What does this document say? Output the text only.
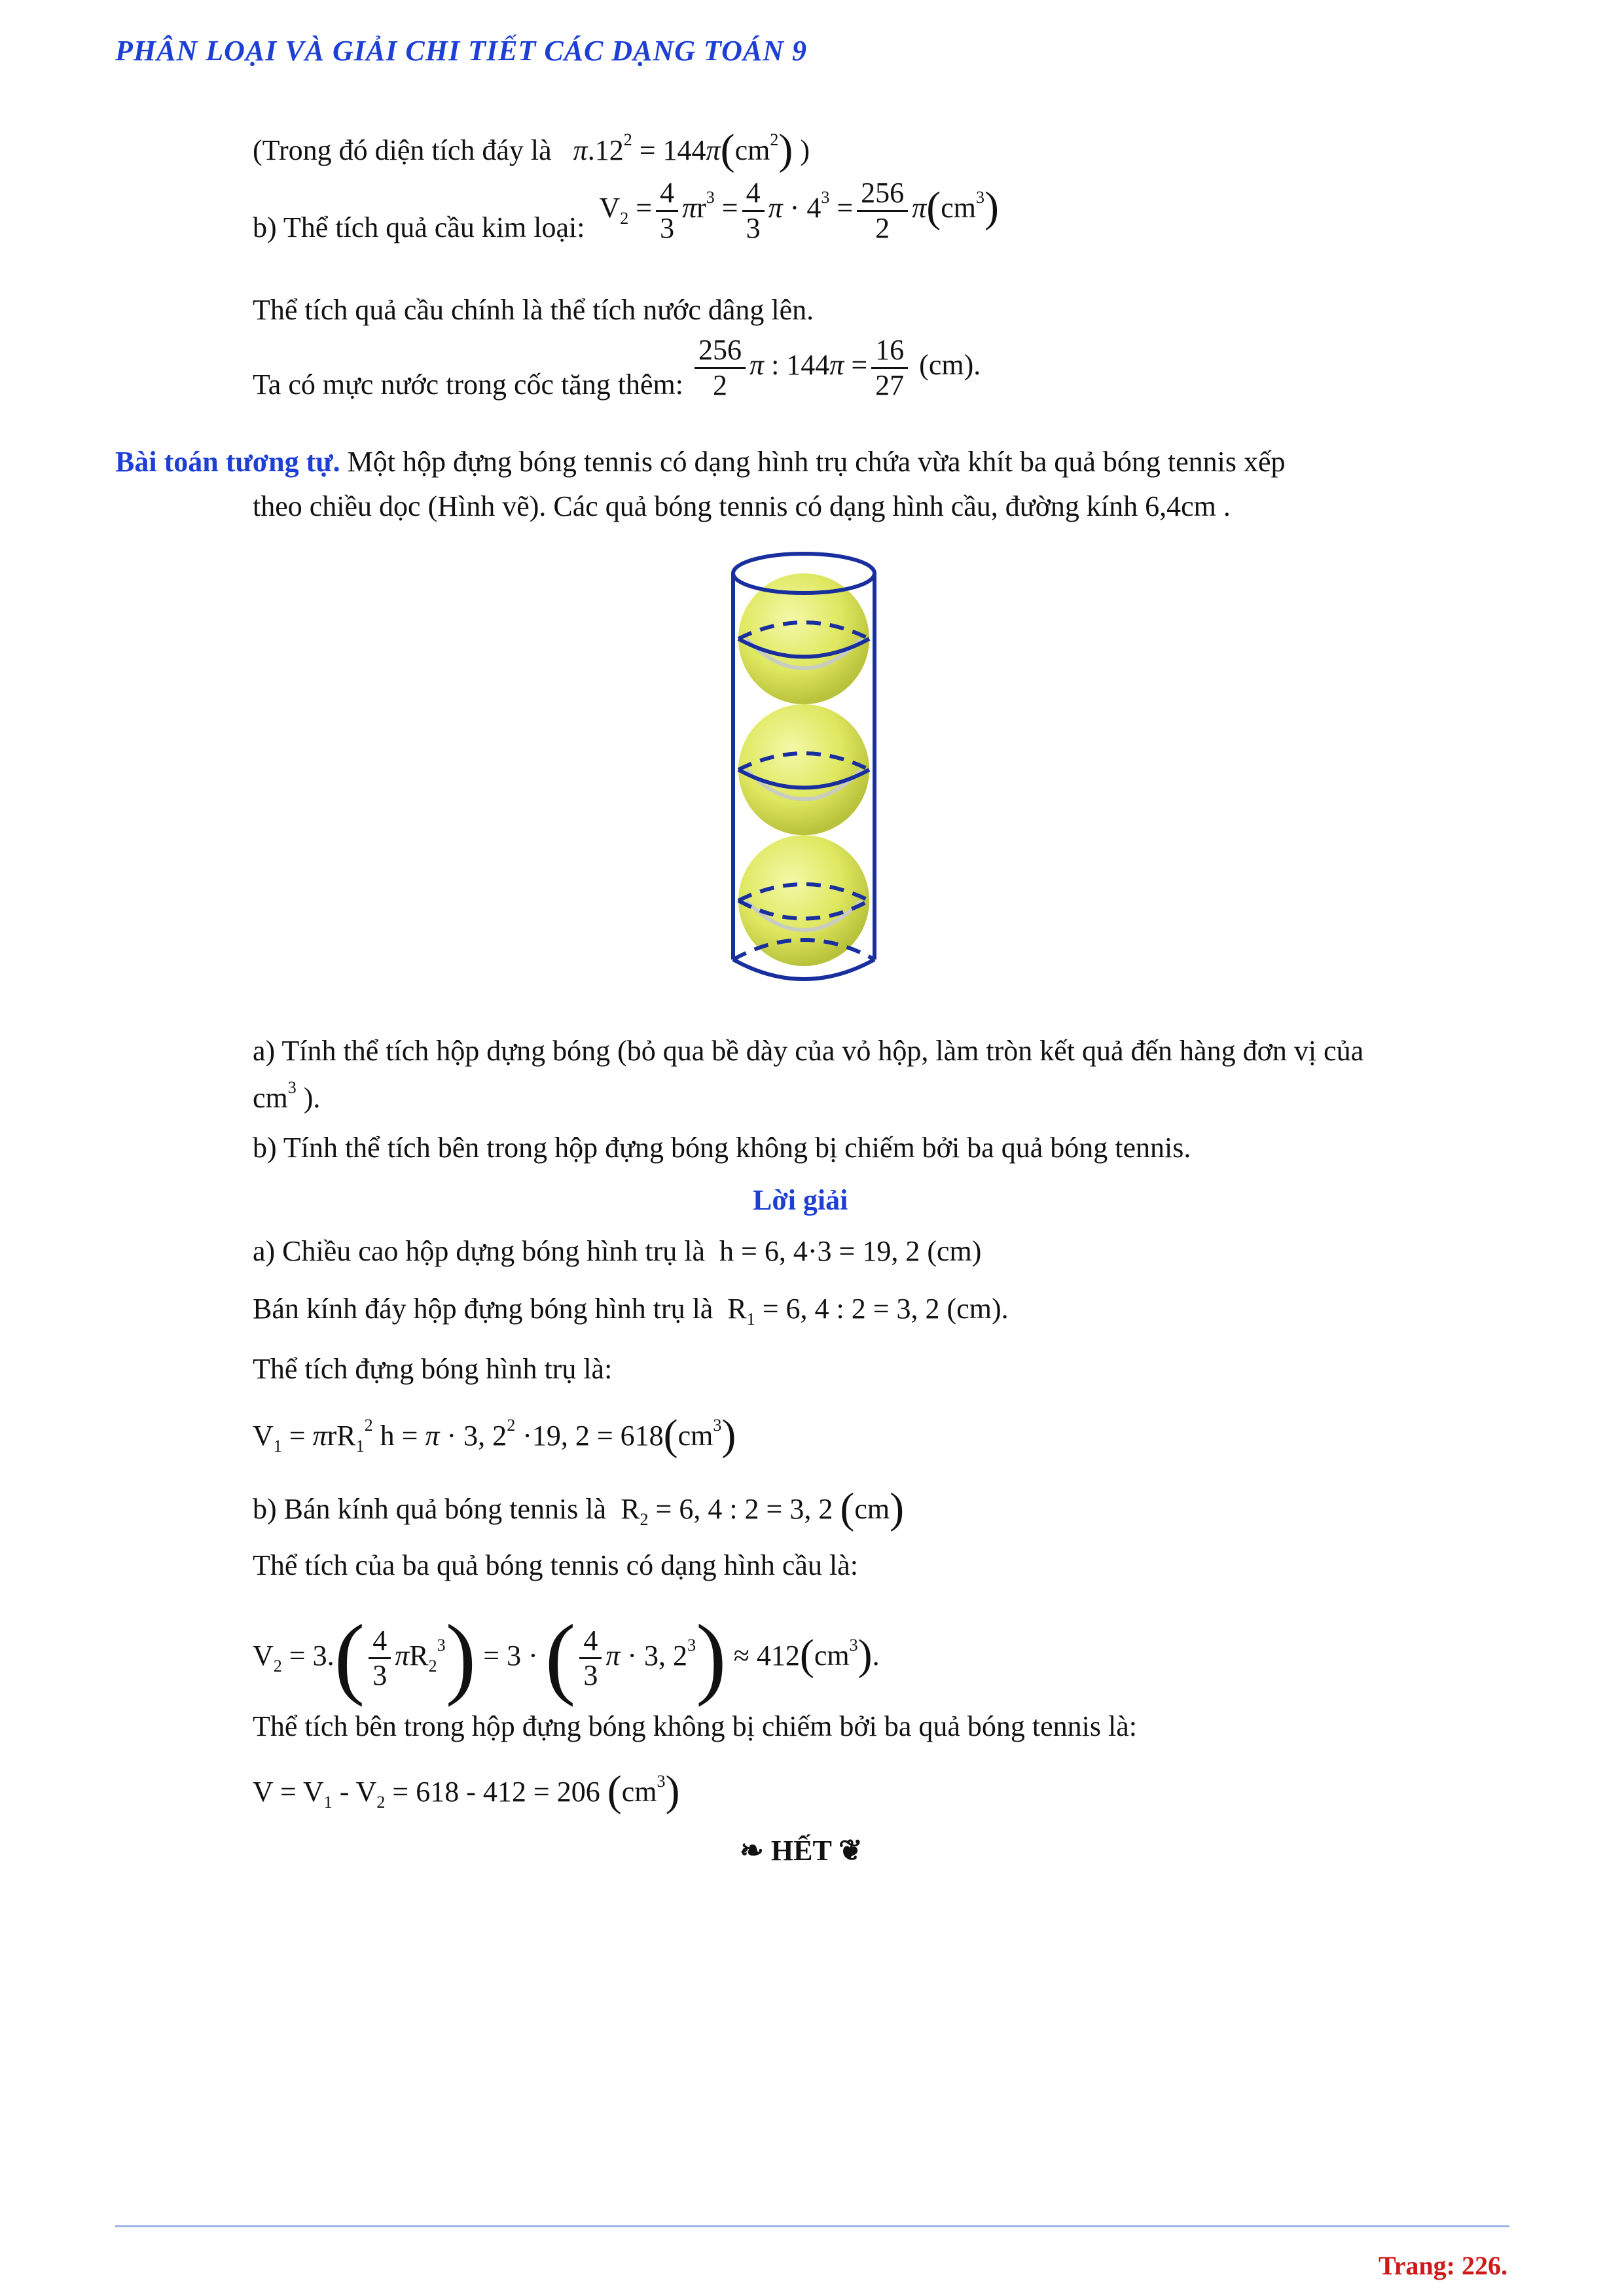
PHÂN LOẠI VÀ GIẢI CHI TIẾT CÁC DẠNG TOÁN 9
(Trong đó diện tích đáy là $\pi.12^2 = 144\pi(cm^2)$ )
b) Thể tích quả cầu kim loại:  $V_2 = \frac{4}{3} \pi r^3 = \frac{4}{3}$ $\pi \cdot 4^3 = \frac{256}{2} \pi(cm^3)$
Thể tích quả cầu chính là thể tích nước dâng lên.
Ta có mực nước trong cốc tăng thêm: $\frac{256}{2}$ π : $144\pi = \frac{16}{27} (cm)$.
Bài toán tương tự. Một hộp đựng bóng tennis có dạng hình trụ chứa vừa khít ba quả bóng tennis xếp
theo chiều dọc (Hình vẽ). Các quả bóng tennis có dạng hình cầu, đường kính 6,4cm .
a) Tính thể tích hộp dựng bóng (bỏ qua bề dày của vỏ hộp, làm tròn kết quả đến hàng đơn vị của
$cm^3$ ).
b) Tính thể tích bên trong hộp đựng bóng không bị chiếm bởi ba quả bóng tennis.
Lời giải
a) Chiều cao hộp dựng bóng hình trụ là  h = 6, 4·3 = 19, 2 (cm)
Bán kính đáy hộp đựng bóng hình trụ là  $R_1 = 6$, 4 : 2 = 3, 2 (cm).
Thể tích đựng bóng hình trụ là:
$V_1 = \pi rR_1^2$ h = π · 3, $2^2 \cdot 19$, $2 = 618(cm^3)$
b) Bán kính quả bóng tennis là  $R_2 = 6$, 4 : 2 = 3, 2 (cm)
Thể tích của ba quả bóng tennis có dạng hình cầu là:
$V_2 = 3.( \frac{4}{3} \pi R_2^3) = 3$ · ( $\frac{4}{3}$ π · 3, $2^3) \approx 412(cm^3)$.
Thể tích bên trong hộp đựng bóng không bị chiếm bởi ba quả bóng tennis là:
$V = V_1 - V_2 = 618 - 412 = 206$ $(cm^3)$
❧ HẾT ❦
Trang: 226.
